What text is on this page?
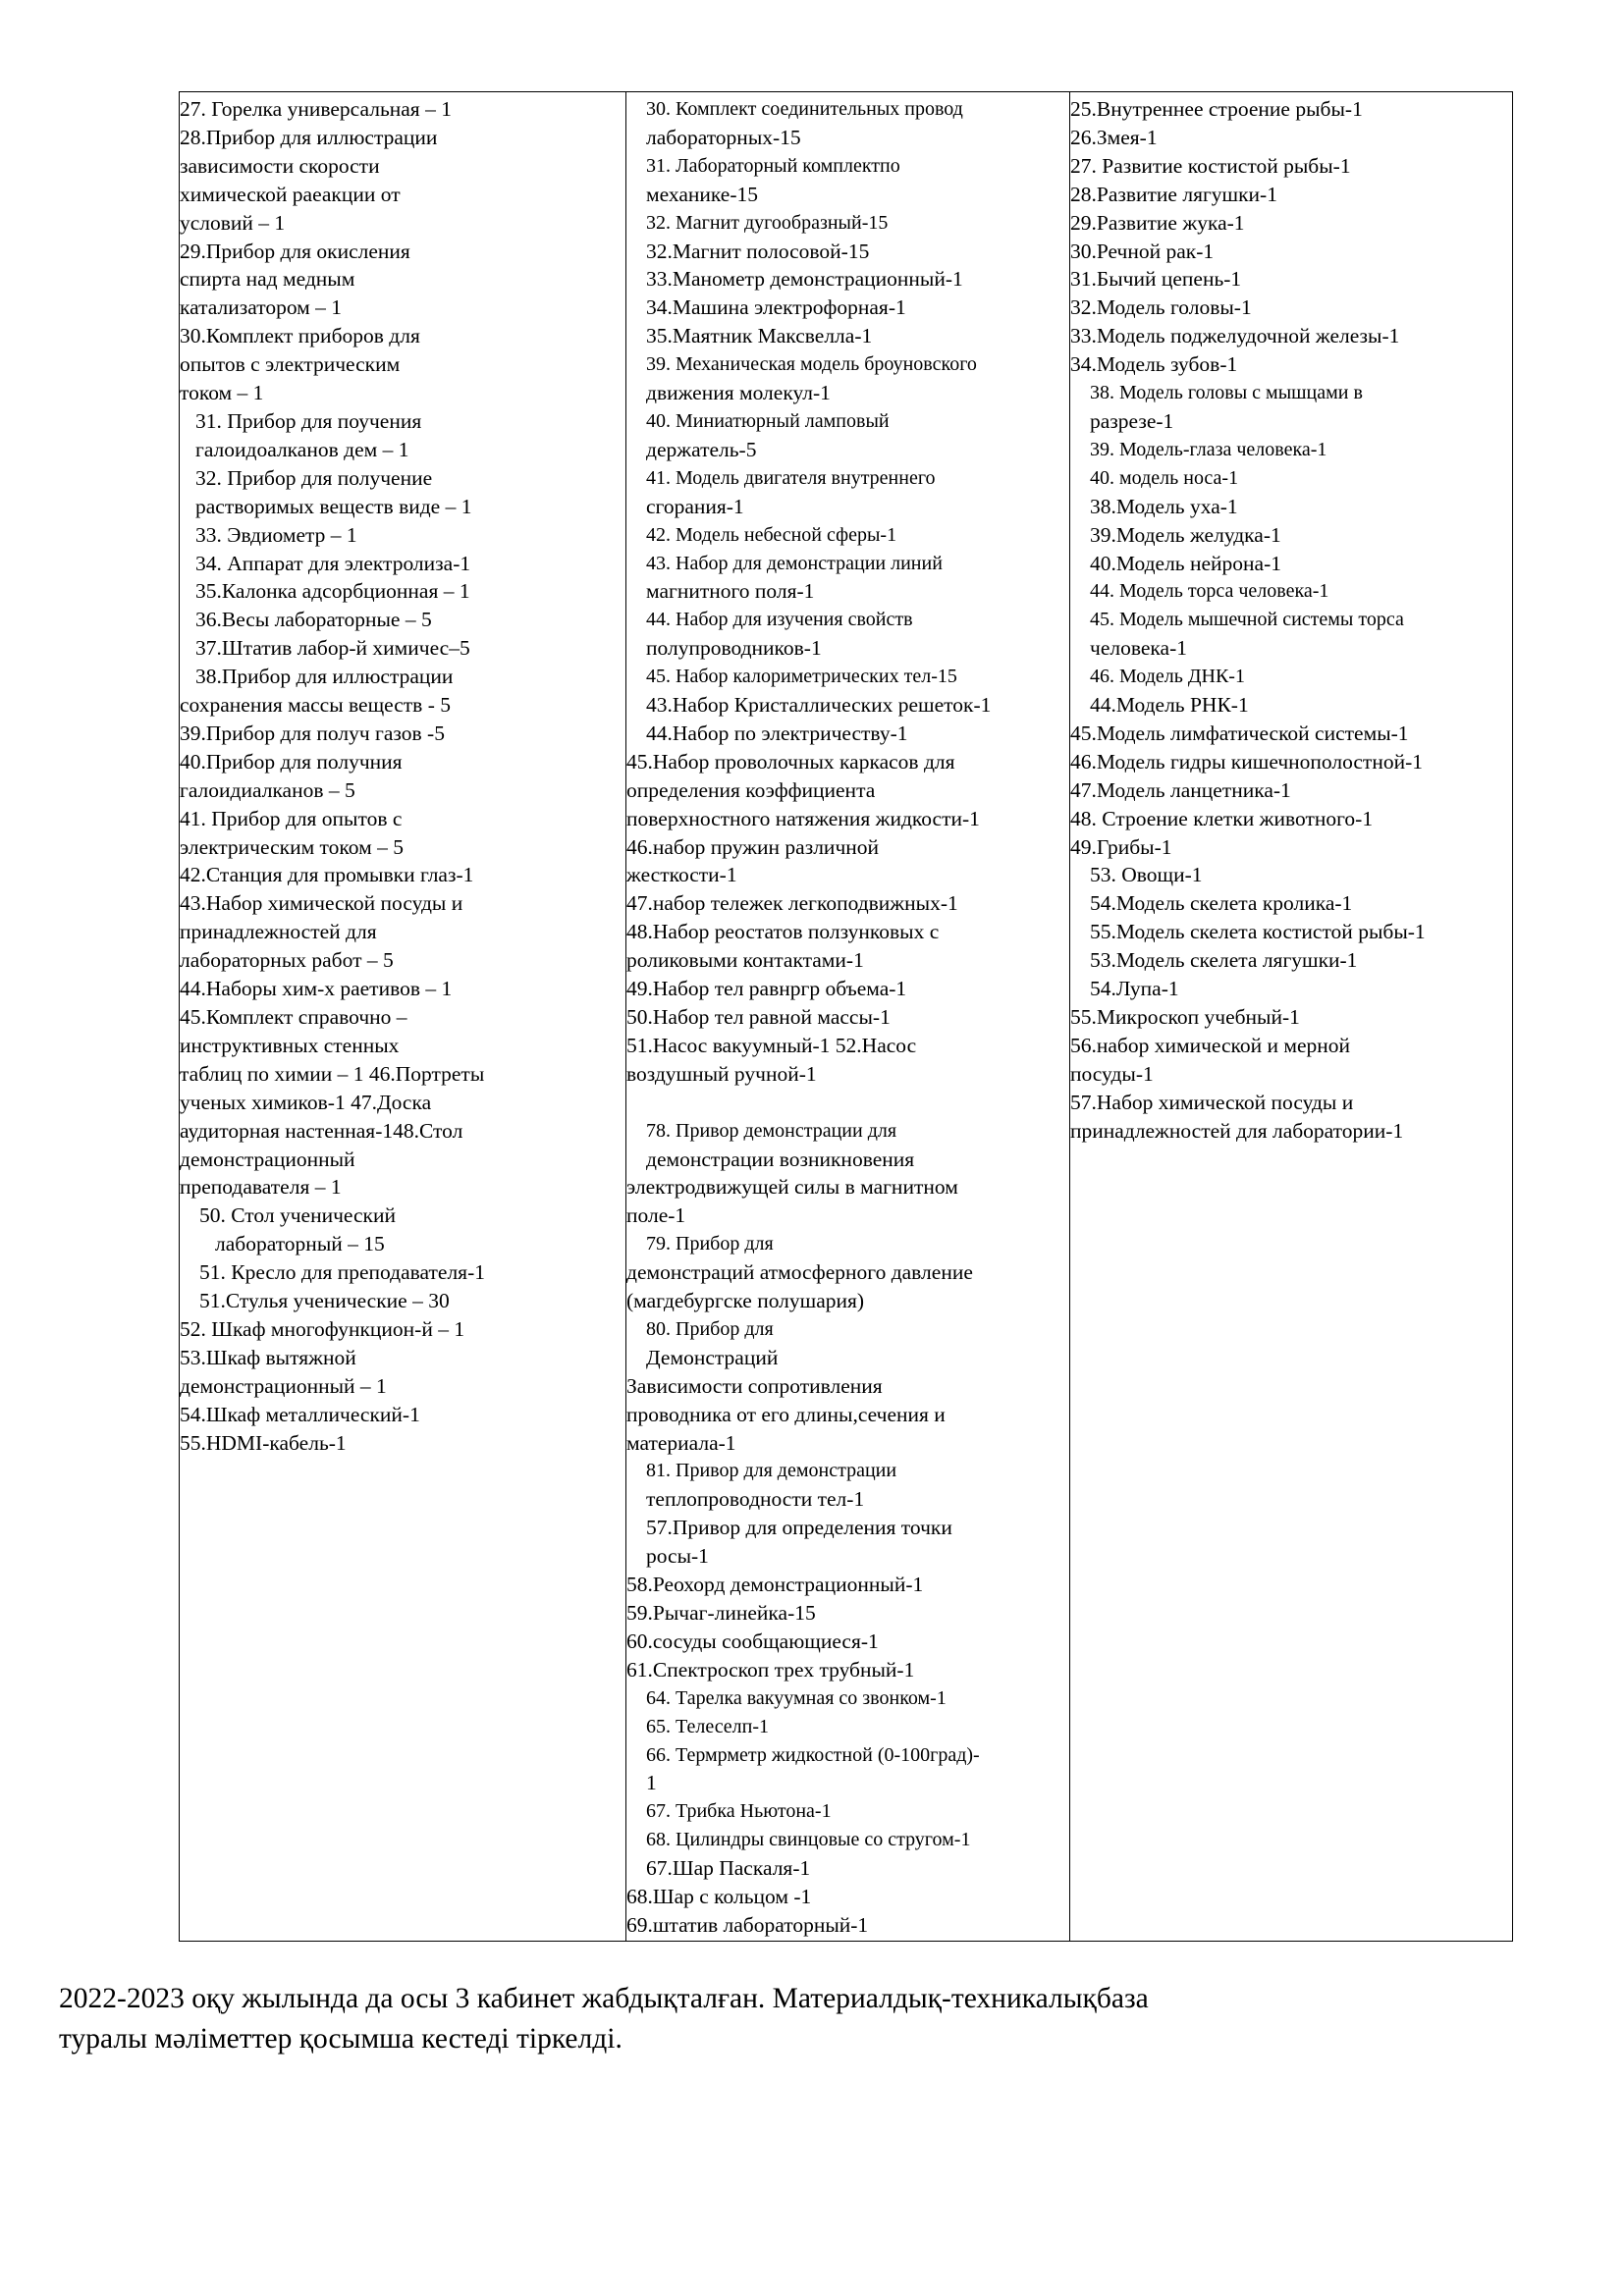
27. Горелка универсальная – 1
28.Прибор для иллюстрации
зависимости скорости
химической раеакции от
условий – 1
29.Прибор для окисления
спирта над медным
катализатором – 1
30.Комплект приборов для
опытов с электрическим
током – 1
31. Прибор для поучения
галоидоалканов дем – 1
32. Прибор для получение
растворимых веществ виде – 1
33. Эвдиометр – 1
34. Аппарат для электролиза-1
35.Калонка адсорбционная – 1
36.Весы лабораторные – 5
37.Штатив лабор-й химичес–5
38.Прибор для иллюстрации
сохранения массы веществ - 5
39.Прибор для получ газов -5
40.Прибор для получния
галоидиалканов – 5
41. Прибор для опытов с
электрическим током – 5
42.Станция для промывки глаз-1
43.Набор химической посуды и
принадлежностей для
лабораторных работ – 5
44.Наборы хим-х раетивов – 1
45.Комплект справочно –
инструктивных стенных
таблиц по химии – 1 46.Портреты
ученых химиков-1 47.Доска
аудиторная настенная-148.Стол
демонстрационный
преподавателя – 1
50. Стол ученический
лабораторный – 15
51. Кресло для преподавателя-1
51.Стулья ученические – 30
52. Шкаф многофункцион-й – 1
53.Шкаф вытяжной
демонстрационный – 1
54.Шкаф металлический-1
55.HDMI-кабель-1

30. Комплект соединительных провод
лабораторных-15
31. Лабораторный комплектпо
механике-15
32. Магнит дугообразный-15
32.Магнит полосовой-15
33.Манометр демонстрационный-1
34.Машина электрофорная-1
35.Маятник Максвелла-1
39. Механическая модель броуновского
движения молекул-1
40. Миниатюрный ламповый
держатель-5
41. Модель двигателя внутреннего
сгорания-1
42. Модель небесной сферы-1
43. Набор для демонстрации линий
магнитного поля-1
44. Набор для изучения свойств
полупроводников-1
45. Набор калориметрических тел-15
43.Набор Кристаллических решеток-1
44.Набор по электричеству-1
45.Набор проволочных каркасов для
определения коэффициента
поверхностного натяжения жидкости-1
46.набор пружин различной
жесткости-1
47.набор тележек легкоподвижных-1
48.Набор реостатов ползунковых с
роликовыми контактами-1
49.Набор тел равнргр объема-1
50.Набор тел равной массы-1
51.Насос вакуумный-1 52.Насос
воздушный ручной-1
78. Привор демонстрации для
демонстрации возникновения
электродвижущей силы в магнитном
поле-1
79. Прибор для
демонстраций атмосферного давление
(магдебургске полушария)
80. Прибор для
Демонстраций
Зависимости сопротивления
проводника от его длины,сечения и
материала-1
81. Привор для демонстрации
теплопроводности тел-1
57.Привор для определения точки
росы-1
58.Реохорд демонстрационный-1
59.Рычаг-линейка-15
60.сосуды сообщающиеся-1
61.Спектроскоп трех трубный-1
64. Тарелка вакуумная со звонком-1
65. Телеселп-1
66. Термрметр жидкостной (0-100град)-
1
67. Трибка Ньютона-1
68. Цилиндры свинцовые со стругом-1
67.Шар Паскаля-1
68.Шар с кольцом -1
69.штатив лабораторный-1

25.Внутреннее строение рыбы-1
26.Змея-1
27. Развитие костистой рыбы-1
28.Развитие лягушки-1
29.Развитие жука-1
30.Речной рак-1
31.Бычий цепень-1
32.Модель головы-1
33.Модель поджелудочной железы-1
34.Модель зубов-1
38. Модель головы с мышцами в
разрезе-1
39. Модель-глаза человека-1
40. модель носа-1
38.Модель уха-1
39.Модель желудка-1
40.Модель нейрона-1
44. Модель торса человека-1
45. Модель мышечной системы торса
человека-1
46. Модель ДНК-1
44.Модель РНК-1
45.Модель лимфатической системы-1
46.Модель гидры кишечнополостной-1
47.Модель ланцетника-1
48. Строение клетки животного-1
49.Грибы-1
53. Овощи-1
54.Модель скелета кролика-1
55.Модель скелета костистой рыбы-1
53.Модель скелета лягушки-1
54.Лупа-1
55.Микроскоп учебный-1
56.набор химической и мерной
посуды-1
57.Набор химической посуды и
принадлежностей для лаборатории-1
2022-2023 оқу жылында да осы 3 кабинет жабдықталған. Материалдық-техникалықбаза
туралы мәліметтер қосымша кестеді тіркелді.
